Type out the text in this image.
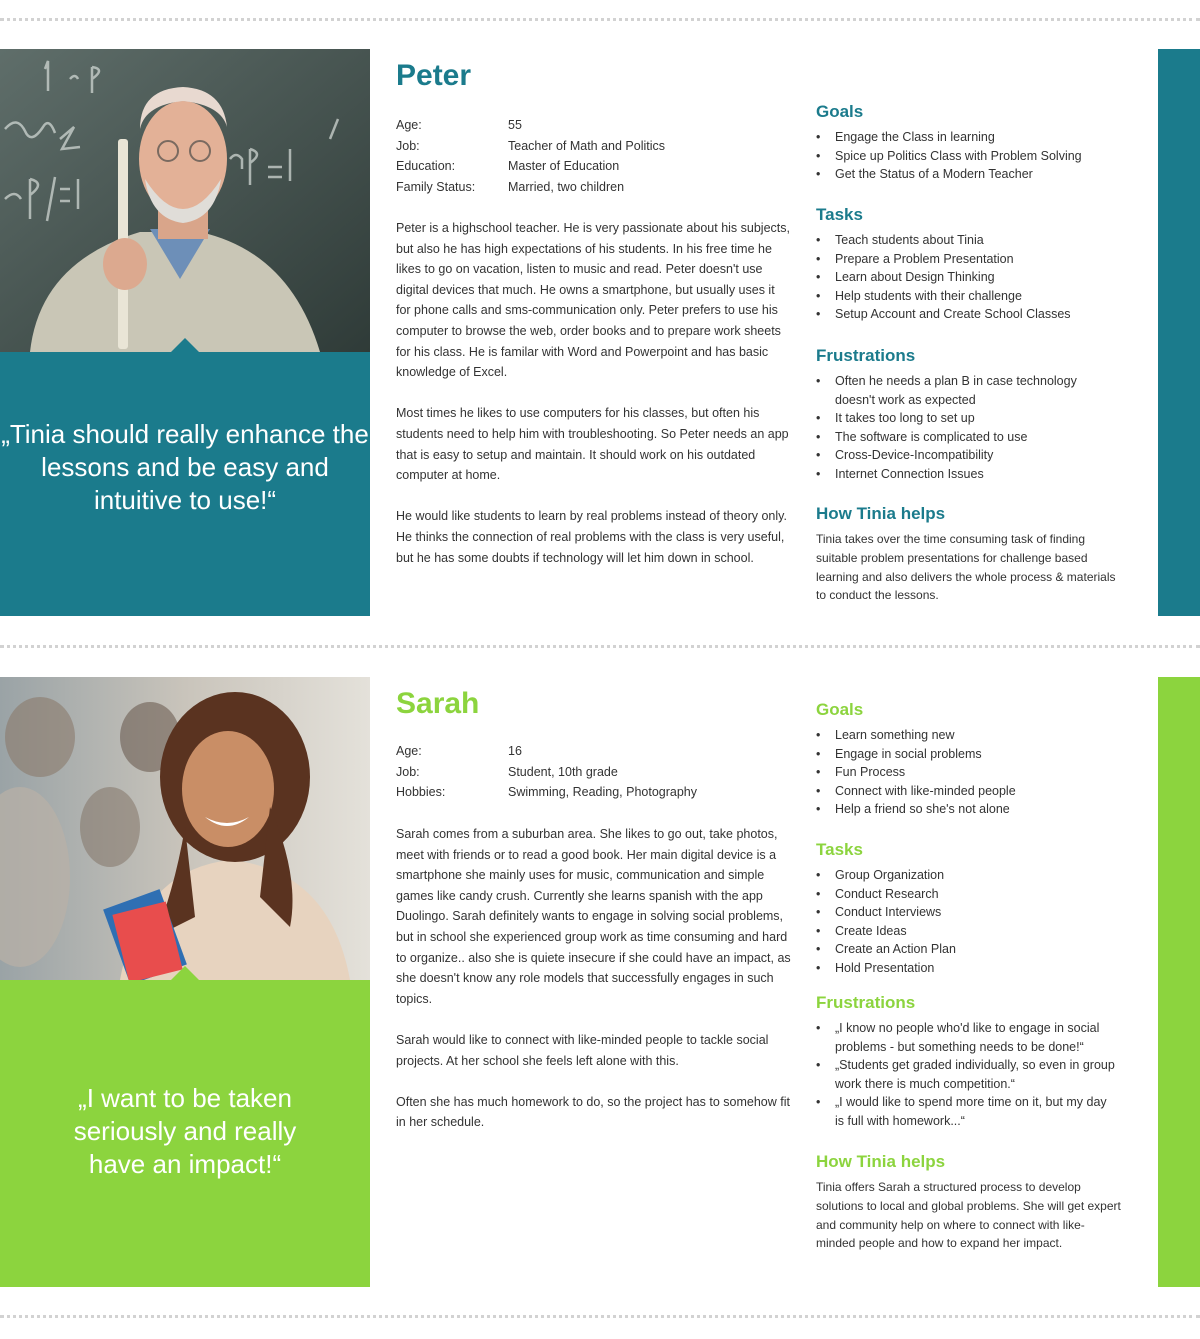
„Tinia should really enhance the lessons and be easy and intuitive to use!“

Peter
Age:	55
Job:	Teacher of Math and Politics
Education:	Master of Education
Family Status:	Married, two children

Peter is a highschool teacher. He is very passionate about his subjects, but also he has high expectations of his students. In his free time he likes to go on vacation, listen to music and read. Peter doesn't use digital devices that much. He owns a smartphone, but usually uses it for phone calls and sms-communication only. Peter prefers to use his computer to browse the web, order books and to prepare work sheets for his class. He is familar with Word and Powerpoint and has basic knowledge of Excel.

Most times he likes to use computers for his classes, but often his students need to help him with troubleshooting. So Peter needs an app that is easy to setup and maintain. It should work on his outdated computer at home.

He would like students to learn by real problems instead of theory only. He thinks the connection of real problems with the class is very useful, but he has some doubts if technology will let him down in school.

Goals
• Engage the Class in learning
• Spice up Politics Class with Problem Solving
• Get the Status of a Modern Teacher
Tasks
• Teach students about Tinia
• Prepare a Problem Presentation
• Learn about Design Thinking
• Help students with their challenge
• Setup Account and Create School Classes
Frustrations
• Often he needs a plan B in case technology doesn't work as expected
• It takes too long to set up
• The software is complicated to use
• Cross-Device-Incompatibility
• Internet Connection Issues
How Tinia helps

Tinia takes over the time consuming task of finding suitable problem presentations for challenge based learning and also delivers the whole process & materials to conduct the lessons.

„I want to be taken seriously and really have an impact!“

Sarah
Age:	16
Job:	Student, 10th grade
Hobbies:	Swimming, Reading, Photography

Sarah comes from a suburban area. She likes to go out, take photos, meet with friends or to read a good book. Her main digital device is a smartphone she mainly uses for music, communication and simple games like candy crush. Currently she learns spanish with the app Duolingo. Sarah definitely wants to engage in solving social problems, but in school she experienced group work as time consuming and hard to organize.. also she is quiete insecure if she could have an impact, as she doesn't know any role models that successfully engages in such topics.

Sarah would like to connect with like-minded people to tackle social projects. At her school she feels left alone with this.

Often she has much homework to do, so the project has to somehow fit in her schedule.

Goals
• Learn something new
• Engage in social problems
• Fun Process
• Connect with like-minded people
• Help a friend so she's not alone
Tasks
• Group Organization
• Conduct Research
• Conduct Interviews
• Create Ideas
• Create an Action Plan
• Hold Presentation
Frustrations
• „I know no people who'd like to engage in social problems - but something needs to be done!“
• „Students get graded individually, so even in group work there is much competition.“
• „I would like to spend more time on it, but my day is full with homework...“
How Tinia helps

Tinia offers Sarah a structured process to develop solutions to local and global problems. She will get expert and community help on where to connect with like-minded people and how to expand her impact.
